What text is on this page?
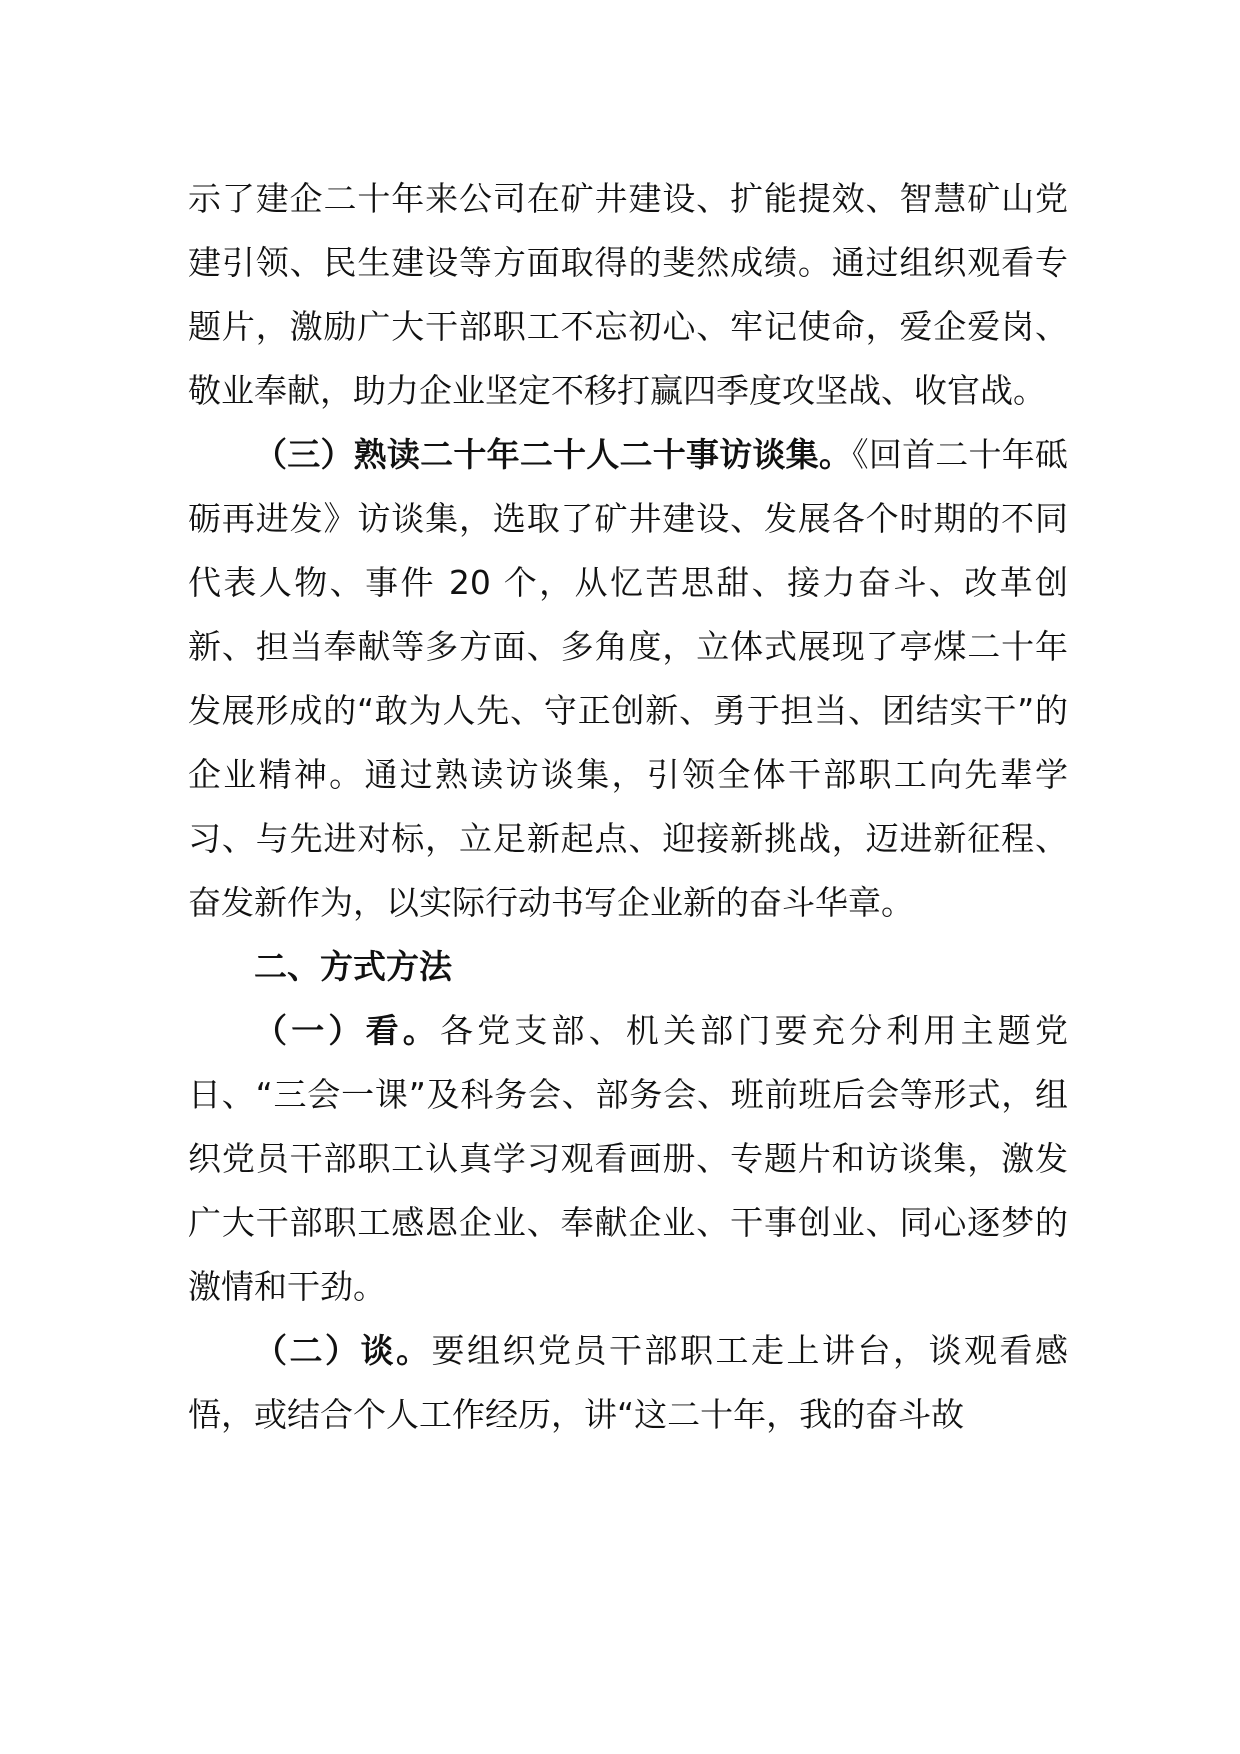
示了建企二十年来公司在矿井建设、扩能提效、智慧矿山党建引领、民生建设等方面取得的斐然成绩。通过组织观看专题片，激励广大干部职工不忘初心、牢记使命，爱企爱岗、敬业奉献，助力企业坚定不移打赢四季度攻坚战、收官战。

（三）熟读二十年二十人二十事访谈集。《回首二十年砥砺再进发》访谈集，选取了矿井建设、发展各个时期的不同代表人物、事件 20 个，从忆苦思甜、接力奋斗、改革创新、担当奉献等多方面、多角度，立体式展现了亭煤二十年发展形成的“敢为人先、守正创新、勇于担当、团结实干”的企业精神。通过熟读访谈集，引领全体干部职工向先辈学习、与先进对标，立足新起点、迎接新挑战，迈进新征程、奋发新作为，以实际行动书写企业新的奋斗华章。

二、方式方法

（一）看。各党支部、机关部门要充分利用主题党日、“三会一课”及科务会、部务会、班前班后会等形式，组织党员干部职工认真学习观看画册、专题片和访谈集，激发广大干部职工感恩企业、奉献企业、干事创业、同心逐梦的激情和干劲。

（二）谈。要组织党员干部职工走上讲台，谈观看感悟，或结合个人工作经历，讲“这二十年，我的奋斗故
